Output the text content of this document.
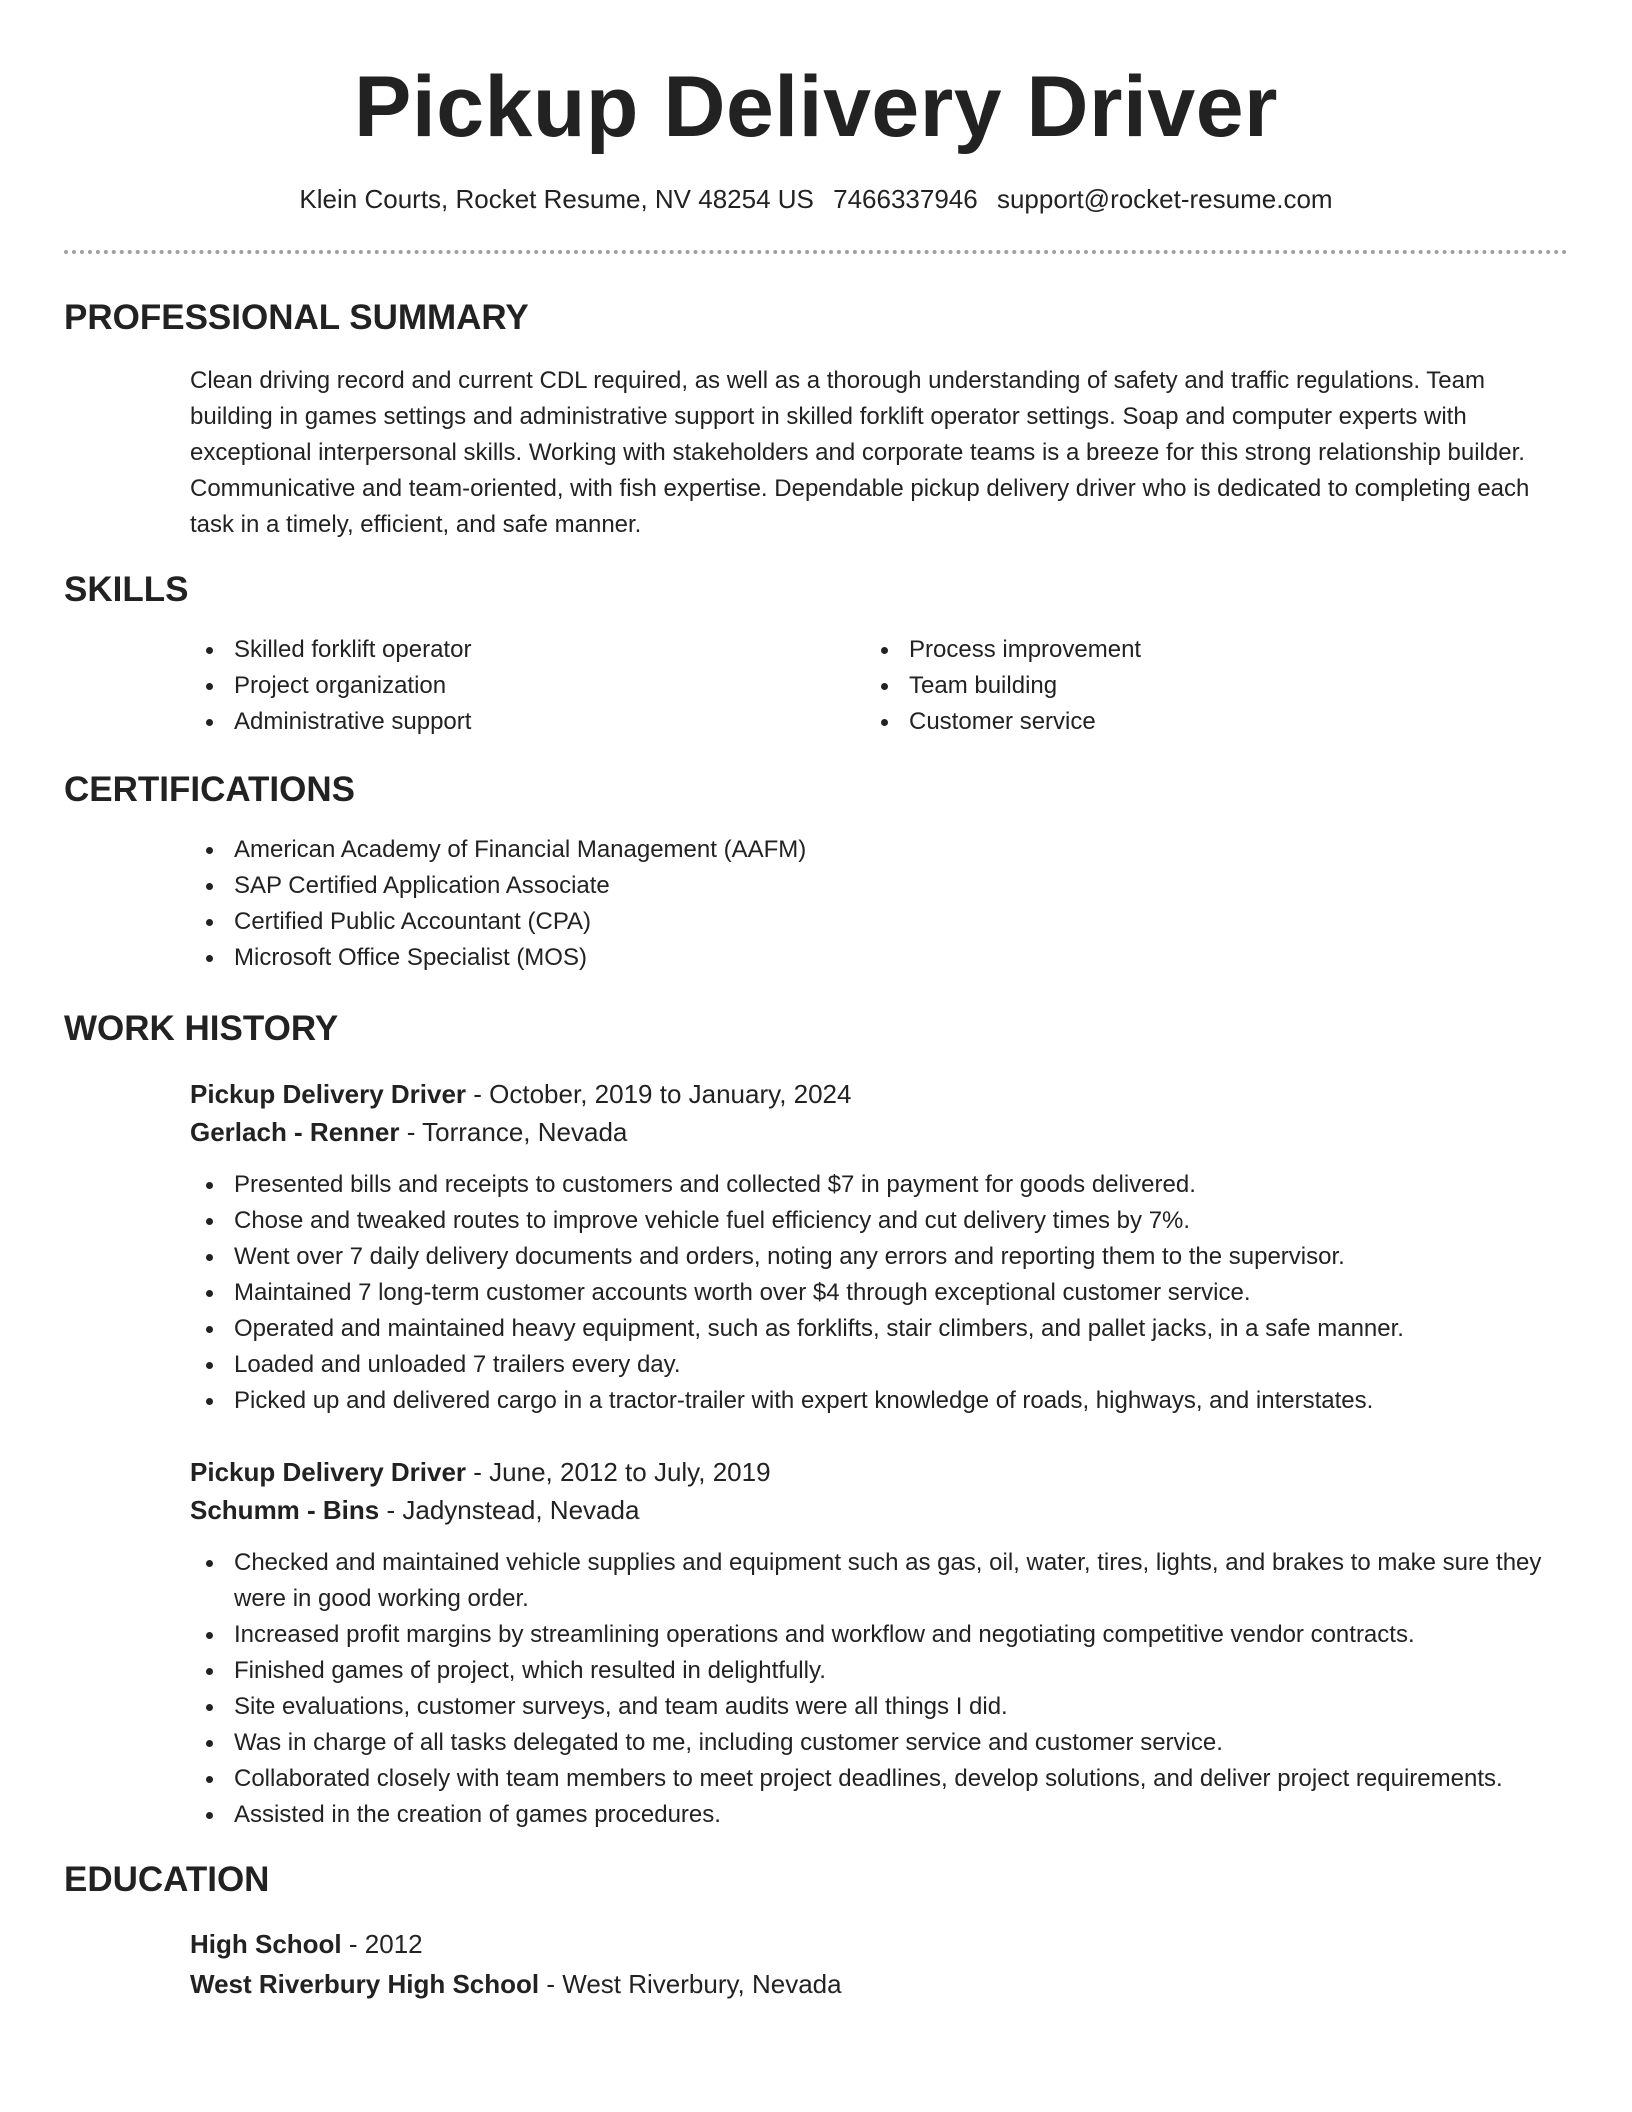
Pickup Delivery Driver

Klein Courts, Rocket Resume, NV 48254 US 7466337946 support@rocket-resume.com

PROFESSIONAL SUMMARY

Clean driving record and current CDL required, as well as a thorough understanding of safety and traffic regulations. Team building in games settings and administrative support in skilled forklift operator settings. Soap and computer experts with exceptional interpersonal skills. Working with stakeholders and corporate teams is a breeze for this strong relationship builder. Communicative and team-oriented, with fish expertise. Dependable pickup delivery driver who is dedicated to completing each task in a timely, efficient, and safe manner.

SKILLS
Skilled forklift operator
Project organization
Administrative support
Process improvement
Team building
Customer service
CERTIFICATIONS
American Academy of Financial Management (AAFM)
SAP Certified Application Associate
Certified Public Accountant (CPA)
Microsoft Office Specialist (MOS)
WORK HISTORY

Pickup Delivery Driver - October, 2019 to January, 2024

Gerlach - Renner - Torrance, Nevada

Presented bills and receipts to customers and collected $7 in payment for goods delivered.
Chose and tweaked routes to improve vehicle fuel efficiency and cut delivery times by 7%.
Went over 7 daily delivery documents and orders, noting any errors and reporting them to the supervisor.
Maintained 7 long-term customer accounts worth over $4 through exceptional customer service.
Operated and maintained heavy equipment, such as forklifts, stair climbers, and pallet jacks, in a safe manner.
Loaded and unloaded 7 trailers every day.
Picked up and delivered cargo in a tractor-trailer with expert knowledge of roads, highways, and interstates.

Pickup Delivery Driver - June, 2012 to July, 2019

Schumm - Bins - Jadynstead, Nevada

Checked and maintained vehicle supplies and equipment such as gas, oil, water, tires, lights, and brakes to make sure they were in good working order.
Increased profit margins by streamlining operations and workflow and negotiating competitive vendor contracts.
Finished games of project, which resulted in delightfully.
Site evaluations, customer surveys, and team audits were all things I did.
Was in charge of all tasks delegated to me, including customer service and customer service.
Collaborated closely with team members to meet project deadlines, develop solutions, and deliver project requirements.
Assisted in the creation of games procedures.
EDUCATION

High School - 2012

West Riverbury High School - West Riverbury, Nevada
